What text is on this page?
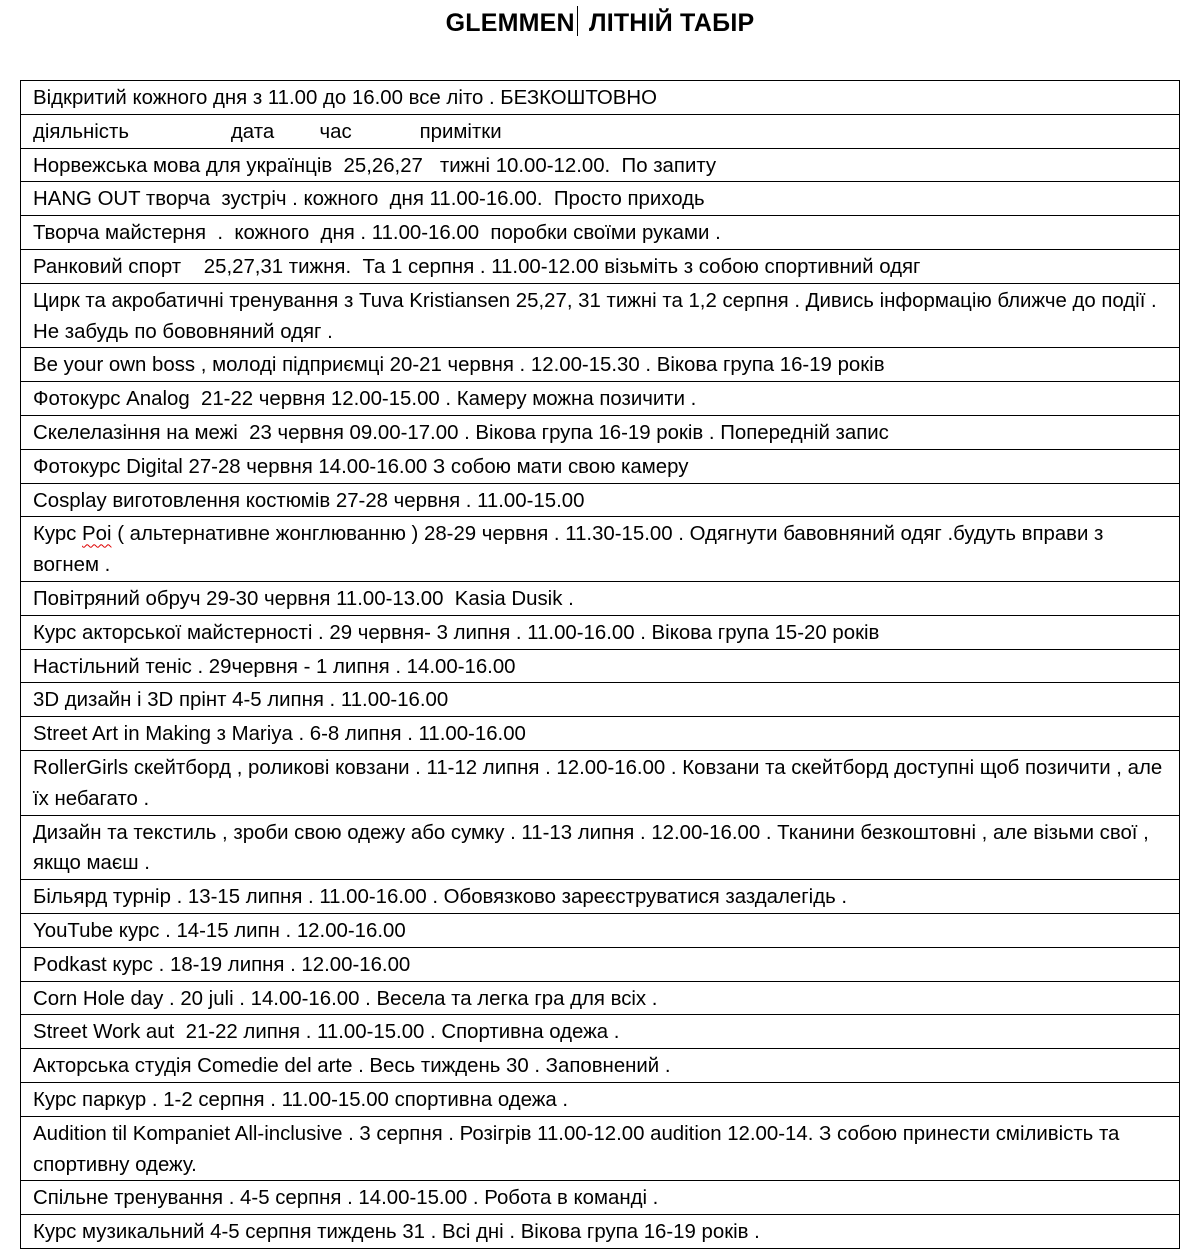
GLEMMEN ЛІТНІЙ ТАБІР
Відкритий кожного дня з 11.00 до 16.00 все літо . БЕЗКОШТОВНО
діяльність                  дата        час            примітки
Норвежська мова для українців  25,26,27   тижні 10.00-12.00.  По запиту
HANG OUT творча  зустріч . кожного  дня 11.00-16.00.  Просто приходь
Творча майстерня  .  кожного  дня . 11.00-16.00  поробки своїми руками .
Ранковий спорт    25,27,31 тижня.  Та 1 серпня . 11.00-12.00 візьміть з собою спортивний одяг
Цирк та акробатичні тренування з Tuva Kristiansen 25,27, 31 тижні та 1,2 серпня . Дивись інформацію ближче до події . Не забудь по бововняний одяг .
Be your own boss , молоді підприємці 20-21 червня . 12.00-15.30 . Вікова група 16-19 років
Фотокурс Analog  21-22 червня 12.00-15.00 . Камеру можна позичити .
Скелелазіння на межі  23 червня 09.00-17.00 . Вікова група 16-19 років . Попередній запис
Фотокурс Digital 27-28 червня 14.00-16.00 З собою мати свою камеру
Cosplay виготовлення костюмів 27-28 червня . 11.00-15.00
Курс Poi ( альтернативне жонглюванню ) 28-29 червня . 11.30-15.00 . Одягнути бавовняний одяг .будуть вправи з вогнем .
Повітряний обруч 29-30 червня 11.00-13.00  Kasia Dusik .
Курс акторської майстерності . 29 червня- 3 липня . 11.00-16.00 . Вікова група 15-20 років
Настільний теніс . 29червня - 1 липня . 14.00-16.00
3D дизайн і 3D прінт 4-5 липня . 11.00-16.00
Street Art in Making з Mariya . 6-8 липня . 11.00-16.00
RollerGirls скейтборд , роликові ковзани . 11-12 липня . 12.00-16.00 . Ковзани та скейтборд доступні щоб позичити , але їх небагато .
Дизайн та текстиль , зроби свою одежу або сумку . 11-13 липня . 12.00-16.00 . Тканини безкоштовні , але візьми свої , якщо маєш .
Більярд турнір . 13-15 липня . 11.00-16.00 . Обовязково зареєструватися заздалегідь .
YouTube курс . 14-15 липн . 12.00-16.00
Podkast курс . 18-19 липня . 12.00-16.00
Corn Hole day . 20 juli . 14.00-16.00 . Весела та легка гра для всіх .
Street Work aut  21-22 липня . 11.00-15.00 . Спортивна одежа .
Акторська студія Comedie del arte . Весь тиждень 30 . Заповнений .
Курс паркур . 1-2 серпня . 11.00-15.00 спортивна одежа .
Audition til Kompaniet All-inclusive . 3 серпня . Розігрів 11.00-12.00 audition 12.00-14. З собою принести сміливість та спортивну одежу.
Спільне тренування . 4-5 серпня . 14.00-15.00 . Робота в команді .
Курс музикальний 4-5 серпня тиждень 31 . Всі дні . Вікова група 16-19 років .
